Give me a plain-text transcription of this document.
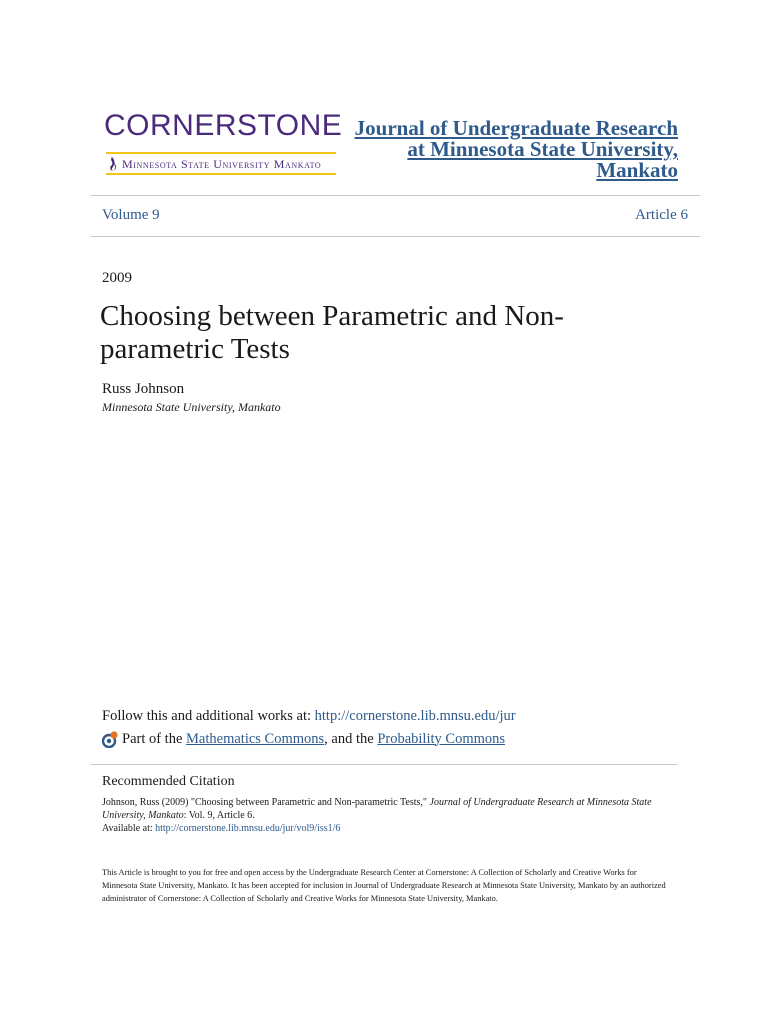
CORNERSTONE
Minnesota State University Mankato
Journal of Undergraduate Research
at Minnesota State University,
Mankato
Volume 9	Article 6
2009
Choosing between Parametric and Non-parametric Tests
Russ Johnson
Minnesota State University, Mankato
Follow this and additional works at: http://cornerstone.lib.mnsu.edu/jur
Part of the
Mathematics Commons , and the Probability Commons
Recommended Citation
Johnson, Russ (2009) "Choosing between Parametric and Non-parametric Tests," Journal of Undergraduate Research at Minnesota State University, Mankato: Vol. 9, Article 6.
Available at: http://cornerstone.lib.mnsu.edu/jur/vol9/iss1/6
This Article is brought to you for free and open access by the Undergraduate Research Center at Cornerstone: A Collection of Scholarly and Creative Works for Minnesota State University, Mankato. It has been accepted for inclusion in Journal of Undergraduate Research at Minnesota State University, Mankato by an authorized administrator of Cornerstone: A Collection of Scholarly and Creative Works for Minnesota State University, Mankato.
